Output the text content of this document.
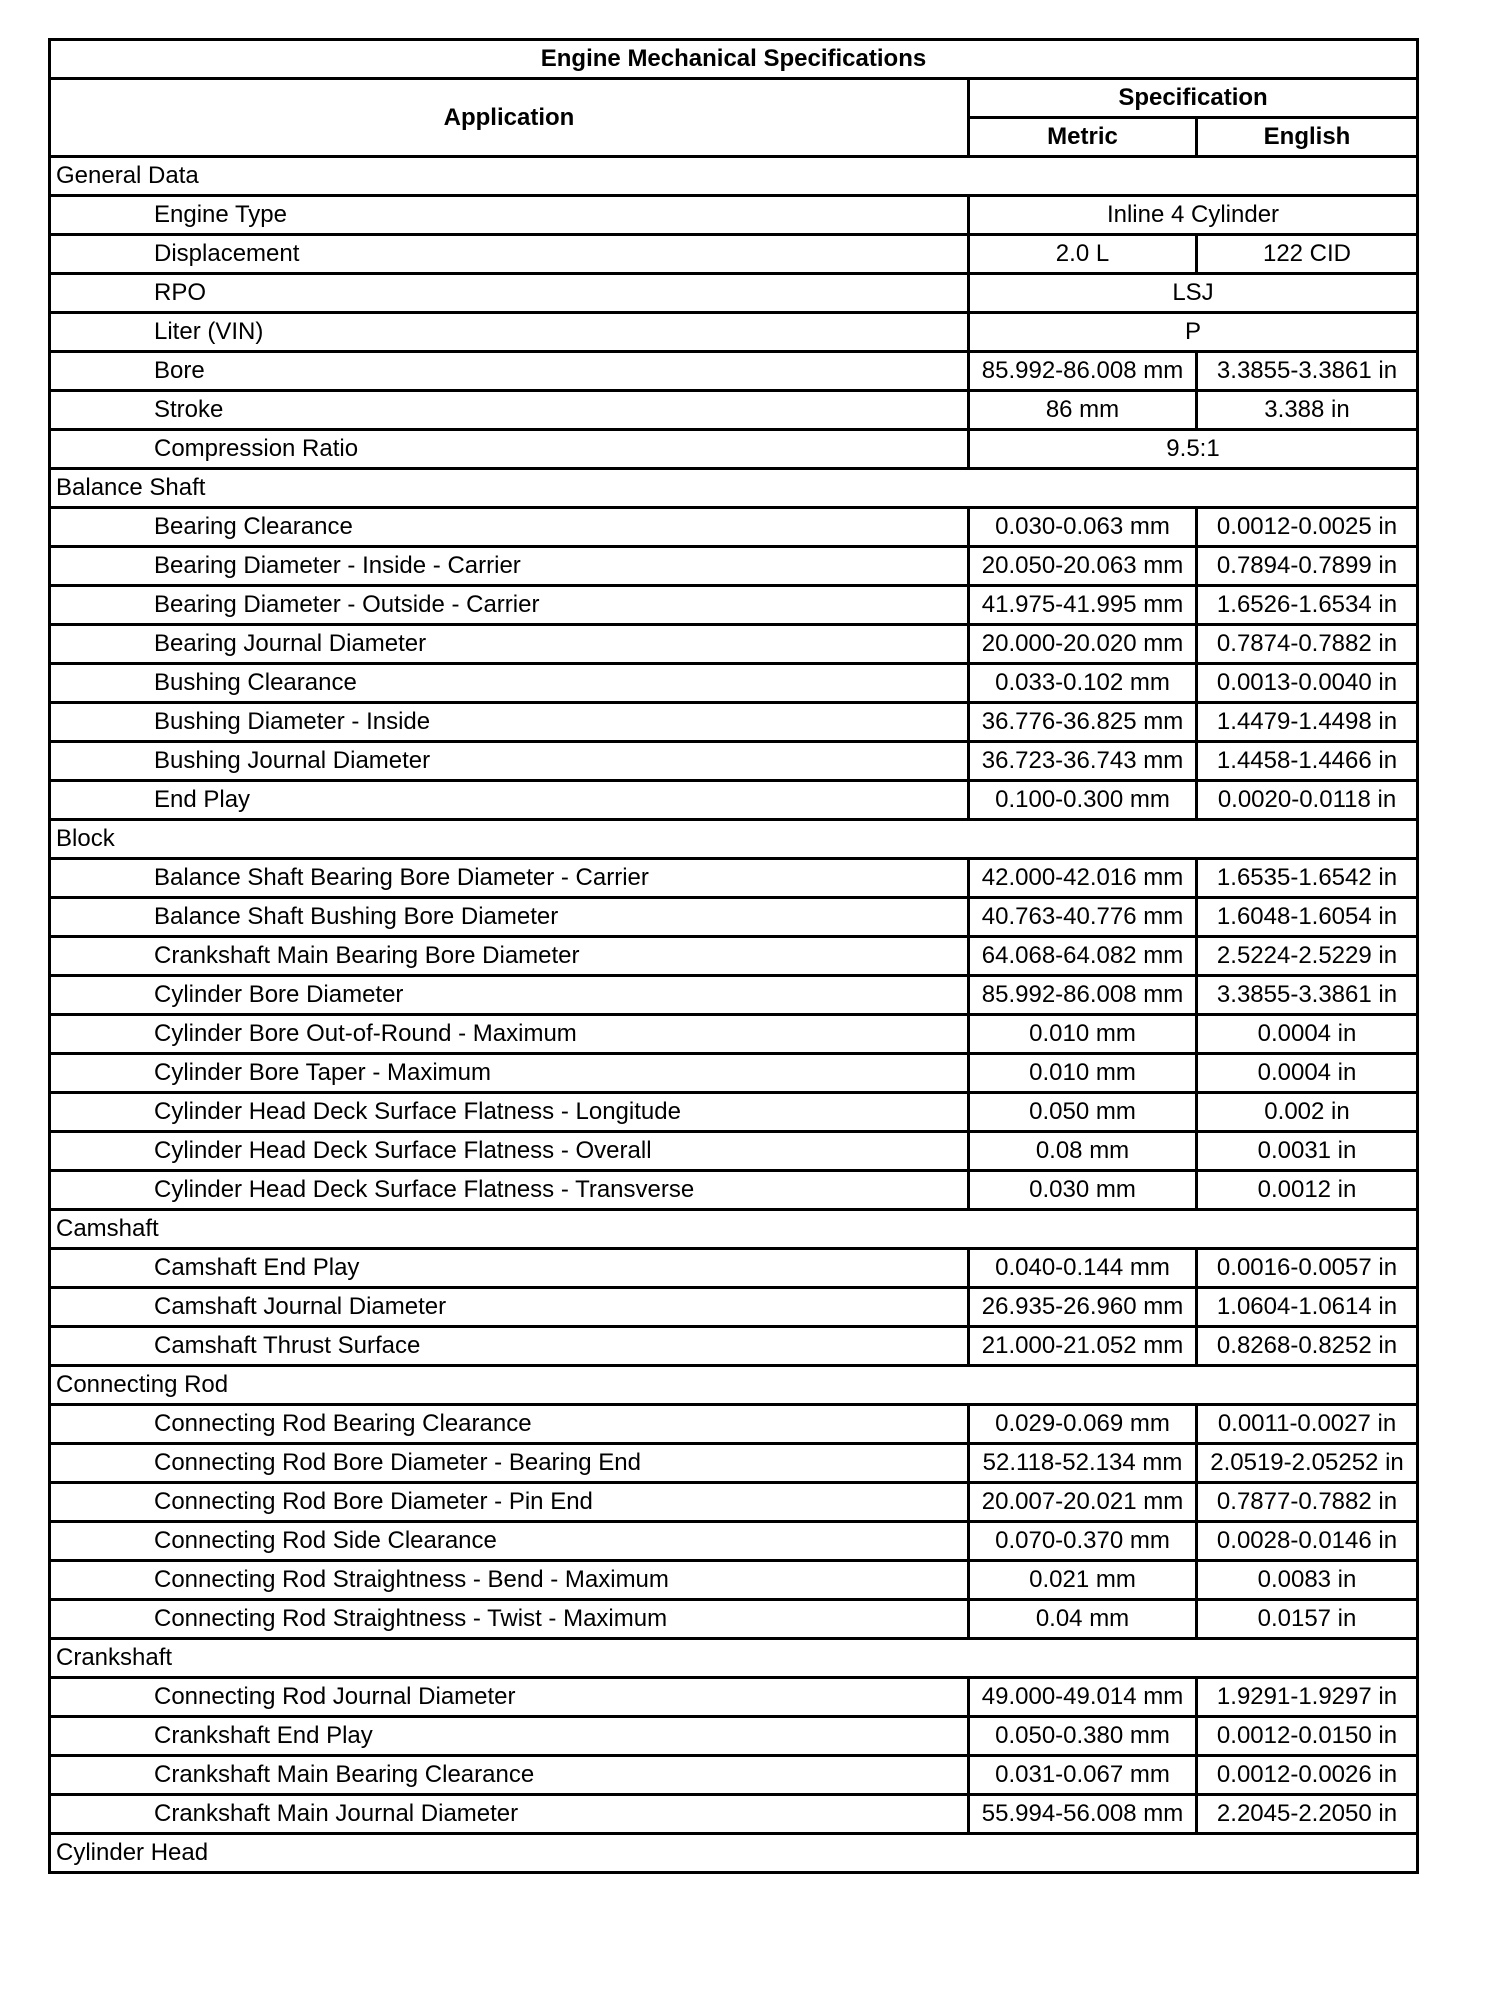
Engine Mechanical Specifications		
Application	Specification	
	Metric	English
General Data		
Engine Type	Inline 4 Cylinder	
Displacement	2.0 L	122 CID
RPO	LSJ	
Liter (VIN)	P	
Bore	85.992-86.008 mm	3.3855-3.3861 in
Stroke	86 mm	3.388 in
Compression Ratio	9.5:1	
Balance Shaft		
Bearing Clearance	0.030-0.063 mm	0.0012-0.0025 in
Bearing Diameter - Inside - Carrier	20.050-20.063 mm	0.7894-0.7899 in
Bearing Diameter - Outside - Carrier	41.975-41.995 mm	1.6526-1.6534 in
Bearing Journal Diameter	20.000-20.020 mm	0.7874-0.7882 in
Bushing Clearance	0.033-0.102 mm	0.0013-0.0040 in
Bushing Diameter - Inside	36.776-36.825 mm	1.4479-1.4498 in
Bushing Journal Diameter	36.723-36.743 mm	1.4458-1.4466 in
End Play	0.100-0.300 mm	0.0020-0.0118 in
Block		
Balance Shaft Bearing Bore Diameter - Carrier	42.000-42.016 mm	1.6535-1.6542 in
Balance Shaft Bushing Bore Diameter	40.763-40.776 mm	1.6048-1.6054 in
Crankshaft Main Bearing Bore Diameter	64.068-64.082 mm	2.5224-2.5229 in
Cylinder Bore Diameter	85.992-86.008 mm	3.3855-3.3861 in
Cylinder Bore Out-of-Round - Maximum	0.010 mm	0.0004 in
Cylinder Bore Taper - Maximum	0.010 mm	0.0004 in
Cylinder Head Deck Surface Flatness - Longitude	0.050 mm	0.002 in
Cylinder Head Deck Surface Flatness - Overall	0.08 mm	0.0031 in
Cylinder Head Deck Surface Flatness - Transverse	0.030 mm	0.0012 in
Camshaft		
Camshaft End Play	0.040-0.144 mm	0.0016-0.0057 in
Camshaft Journal Diameter	26.935-26.960 mm	1.0604-1.0614 in
Camshaft Thrust Surface	21.000-21.052 mm	0.8268-0.8252 in
Connecting Rod		
Connecting Rod Bearing Clearance	0.029-0.069 mm	0.0011-0.0027 in
Connecting Rod Bore Diameter - Bearing End	52.118-52.134 mm	2.0519-2.05252 in
Connecting Rod Bore Diameter - Pin End	20.007-20.021 mm	0.7877-0.7882 in
Connecting Rod Side Clearance	0.070-0.370 mm	0.0028-0.0146 in
Connecting Rod Straightness - Bend - Maximum	0.021 mm	0.0083 in
Connecting Rod Straightness - Twist - Maximum	0.04 mm	0.0157 in
Crankshaft		
Connecting Rod Journal Diameter	49.000-49.014 mm	1.9291-1.9297 in
Crankshaft End Play	0.050-0.380 mm	0.0012-0.0150 in
Crankshaft Main Bearing Clearance	0.031-0.067 mm	0.0012-0.0026 in
Crankshaft Main Journal Diameter	55.994-56.008 mm	2.2045-2.2050 in
Cylinder Head		
